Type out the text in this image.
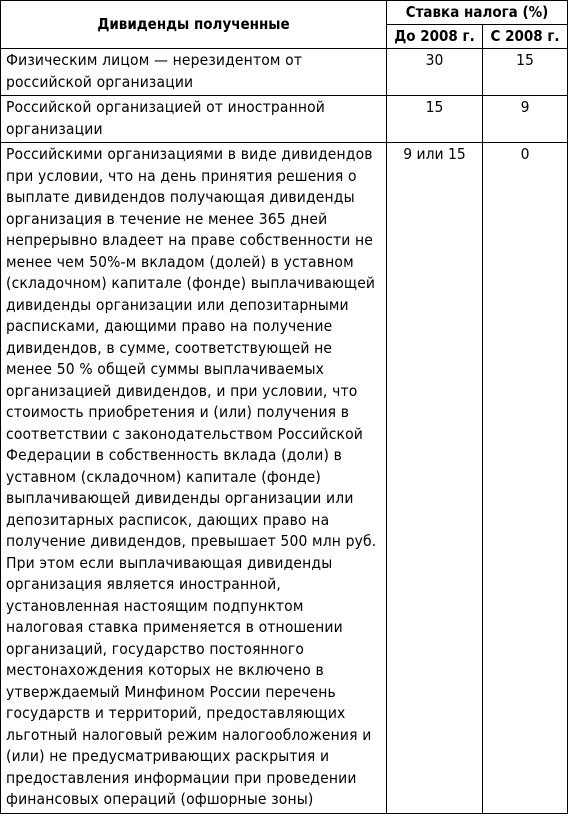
Дивиденды полученные	Ставка налога (%)	
	До 2008 г.	С 2008 г.
Физическим лицом — нерезидентом от российской организации	30	15
Российской организацией от иностранной организации	15	9

Российскими организациями в виде дивидендов при условии, что на день принятия решения о выплате дивидендов получающая дивиденды организация в течение не менее 365 дней непрерывно владеет на праве собственности не менее чем 50%-м вкладом (долей) в уставном (складочном) капитале (фонде) выплачивающей дивиденды организации или депозитарными расписками, дающими право на получение дивидендов, в сумме, соответствующей не менее 50 % общей суммы выплачиваемых организацией дивидендов, и при условии, что стоимость приобретения и (или) получения в соответствии с законодательством Российской Федерации в собственность вклада (доли) в уставном (складочном) капитале (фонде) выплачивающей дивиденды организации или депозитарных расписок, дающих право на получение дивидендов, превышает 500 млн руб.
При этом если выплачивающая дивиденды организация является иностранной, установленная настоящим подпунктом налоговая ставка применяется в отношении организаций, государство постоянного местонахождения которых не включено в утверждаемый Минфином России перечень государств и территорий, предоставляющих льготный налоговый режим налогообложения и (или) не предусматривающих раскрытия и предоставления информации при проведении финансовых операций (офшорные зоны)	9 или 15	0
